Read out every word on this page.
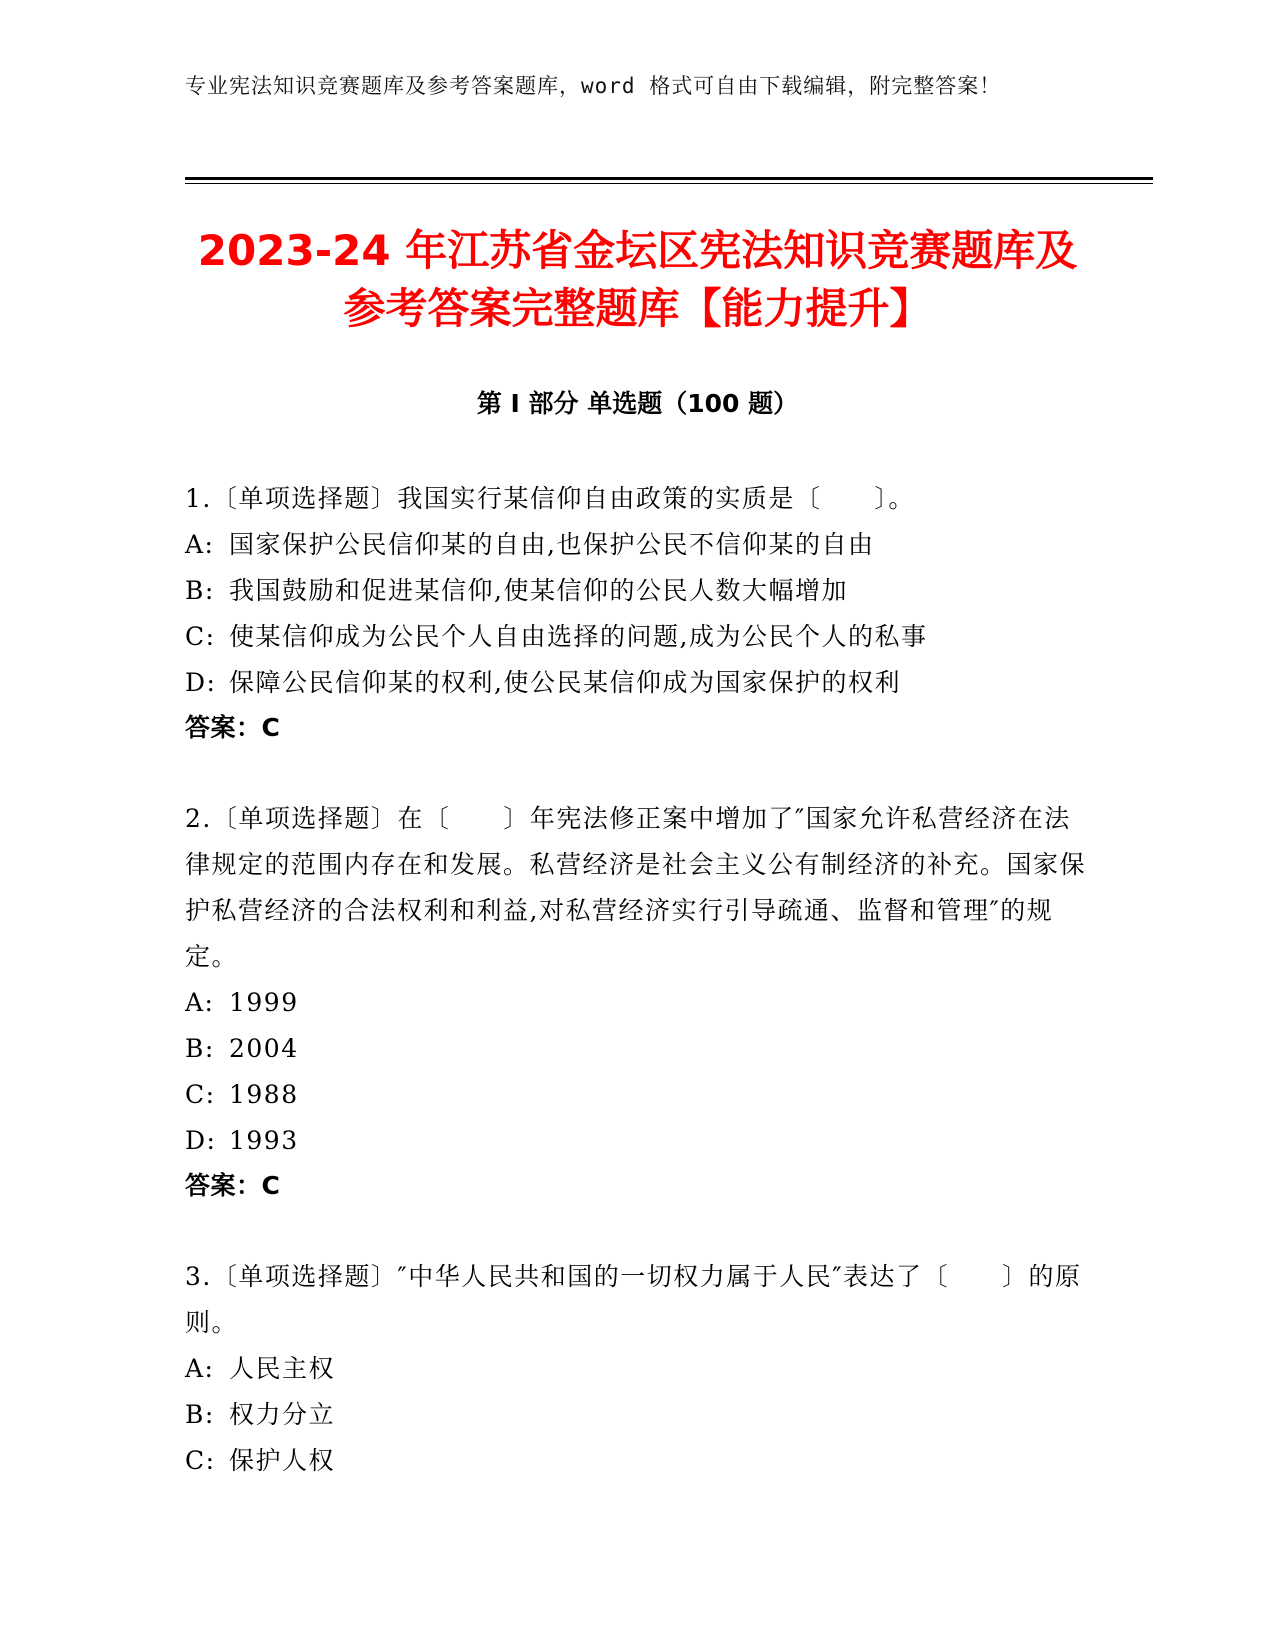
专业宪法知识竞赛题库及参考答案题库，word 格式可自由下载编辑，附完整答案！
2023-24 年江苏省金坛区宪法知识竞赛题库及参考答案完整题库【能力提升】
第 I 部分 单选题（100 题）

1.〔单项选择题〕我国实行某信仰自由政策的实质是〔　　〕。

A: 国家保护公民信仰某的自由,也保护公民不信仰某的自由

B: 我国鼓励和促进某信仰,使某信仰的公民人数大幅增加

C: 使某信仰成为公民个人自由选择的问题,成为公民个人的私事

D: 保障公民信仰某的权利,使公民某信仰成为国家保护的权利

答案：C

2.〔单项选择题〕在〔　　〕年宪法修正案中增加了″国家允许私营经济在法律规定的范围内存在和发展。私营经济是社会主义公有制经济的补充。国家保护私营经济的合法权利和利益,对私营经济实行引导疏通、监督和管理″的规定。

A: 1999

B: 2004

C: 1988

D: 1993

答案：C

3.〔单项选择题〕″中华人民共和国的一切权力属于人民″表达了〔　　〕的原则。

A: 人民主权

B: 权力分立

C: 保护人权
